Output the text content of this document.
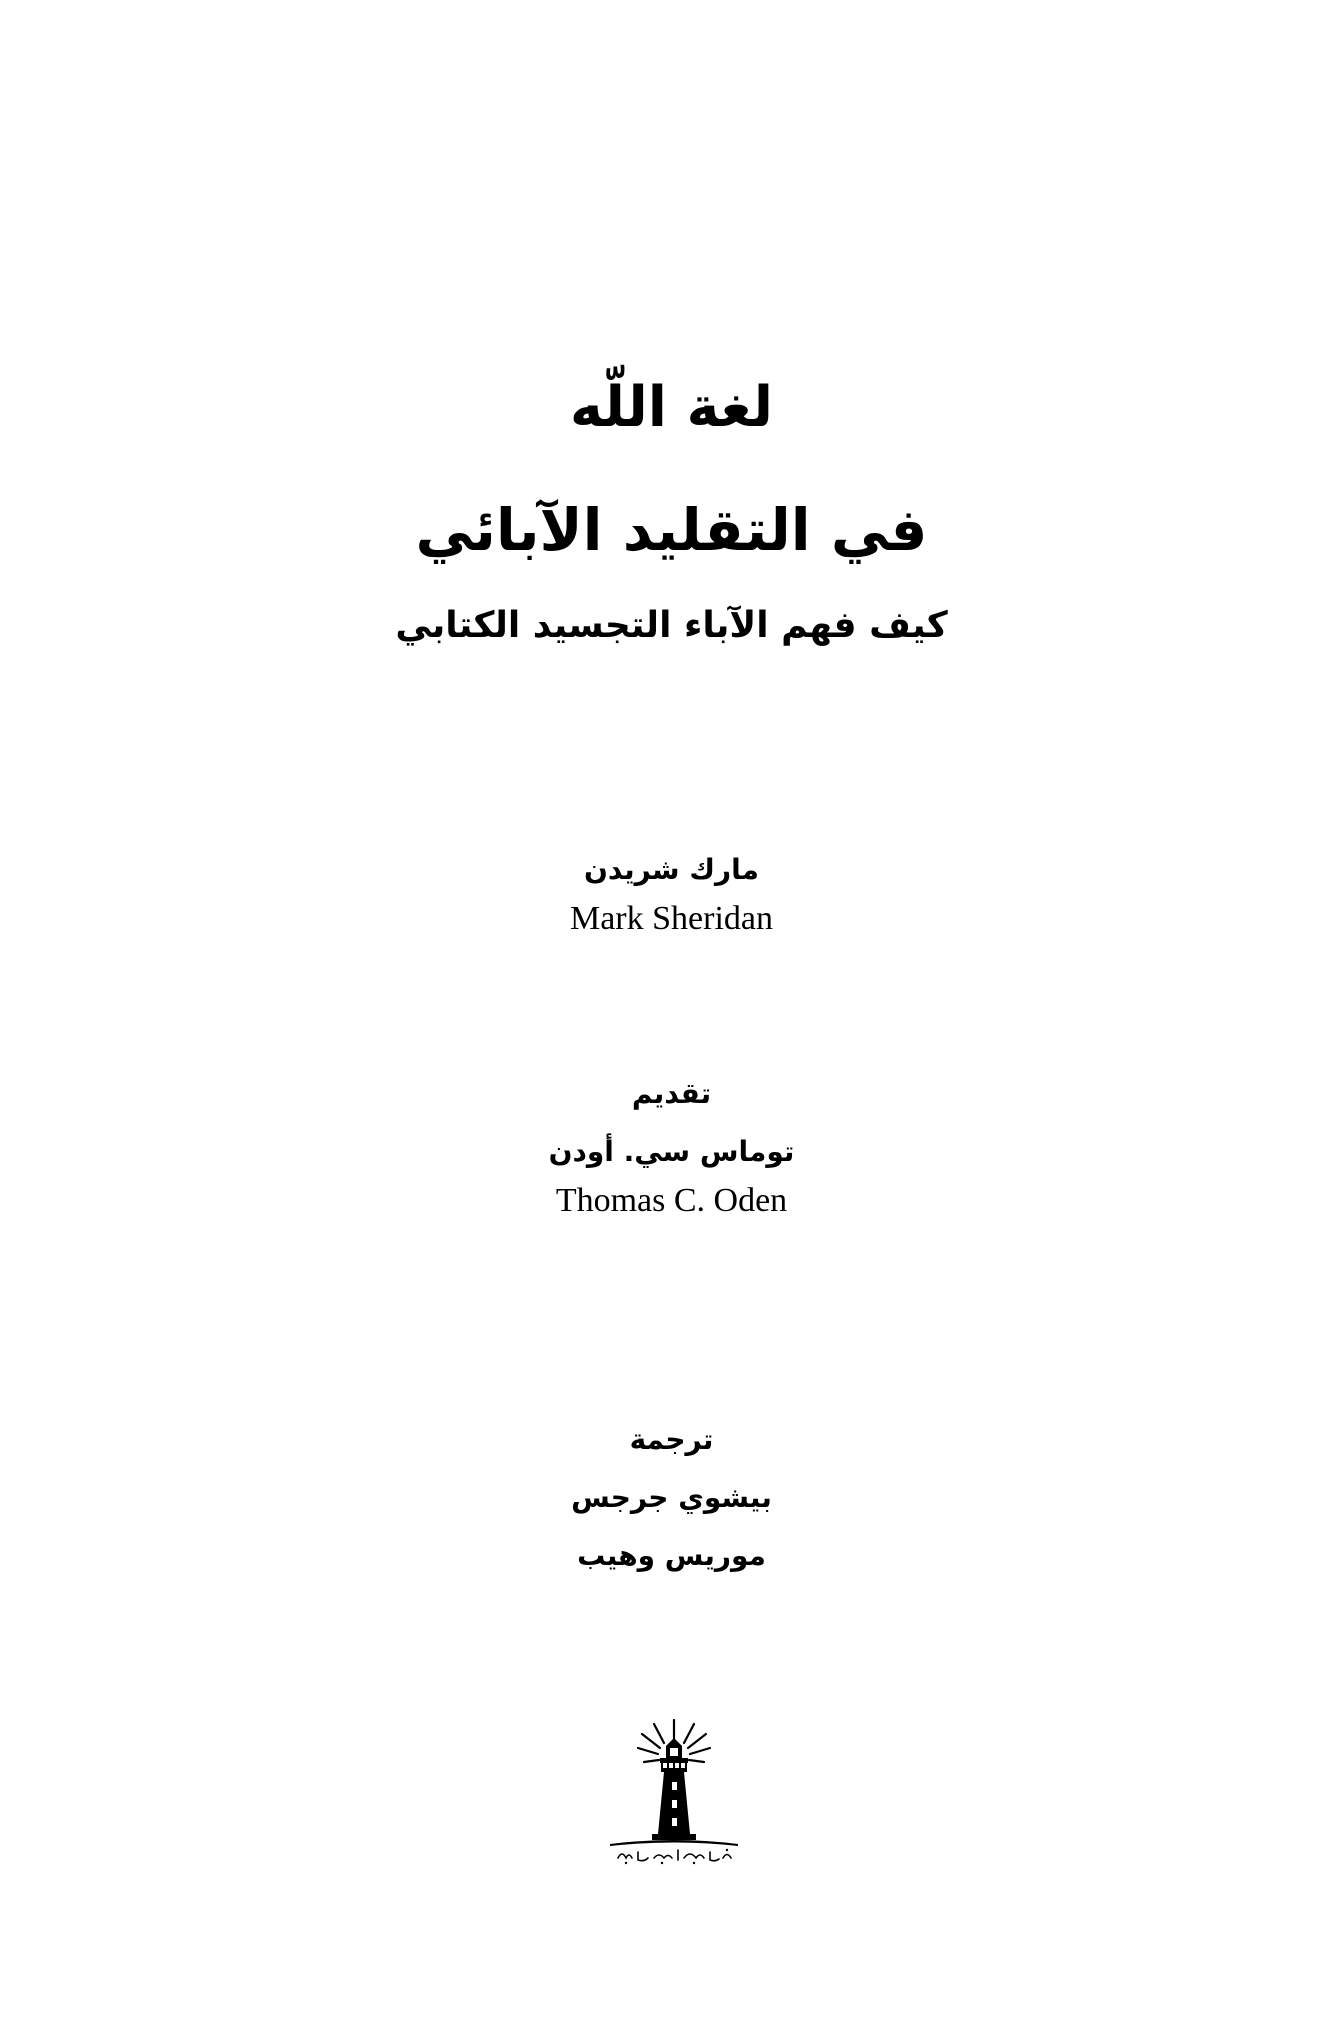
لغة اللّه
في التقليد الآبائي
كيف فهم الآباء التجسيد الكتابي
مارك شريدن
Mark Sheridan
تقديم
توماس سي. أودن
Thomas C. Oden
ترجمة
بيشوي جرجس
موريس وهيب
